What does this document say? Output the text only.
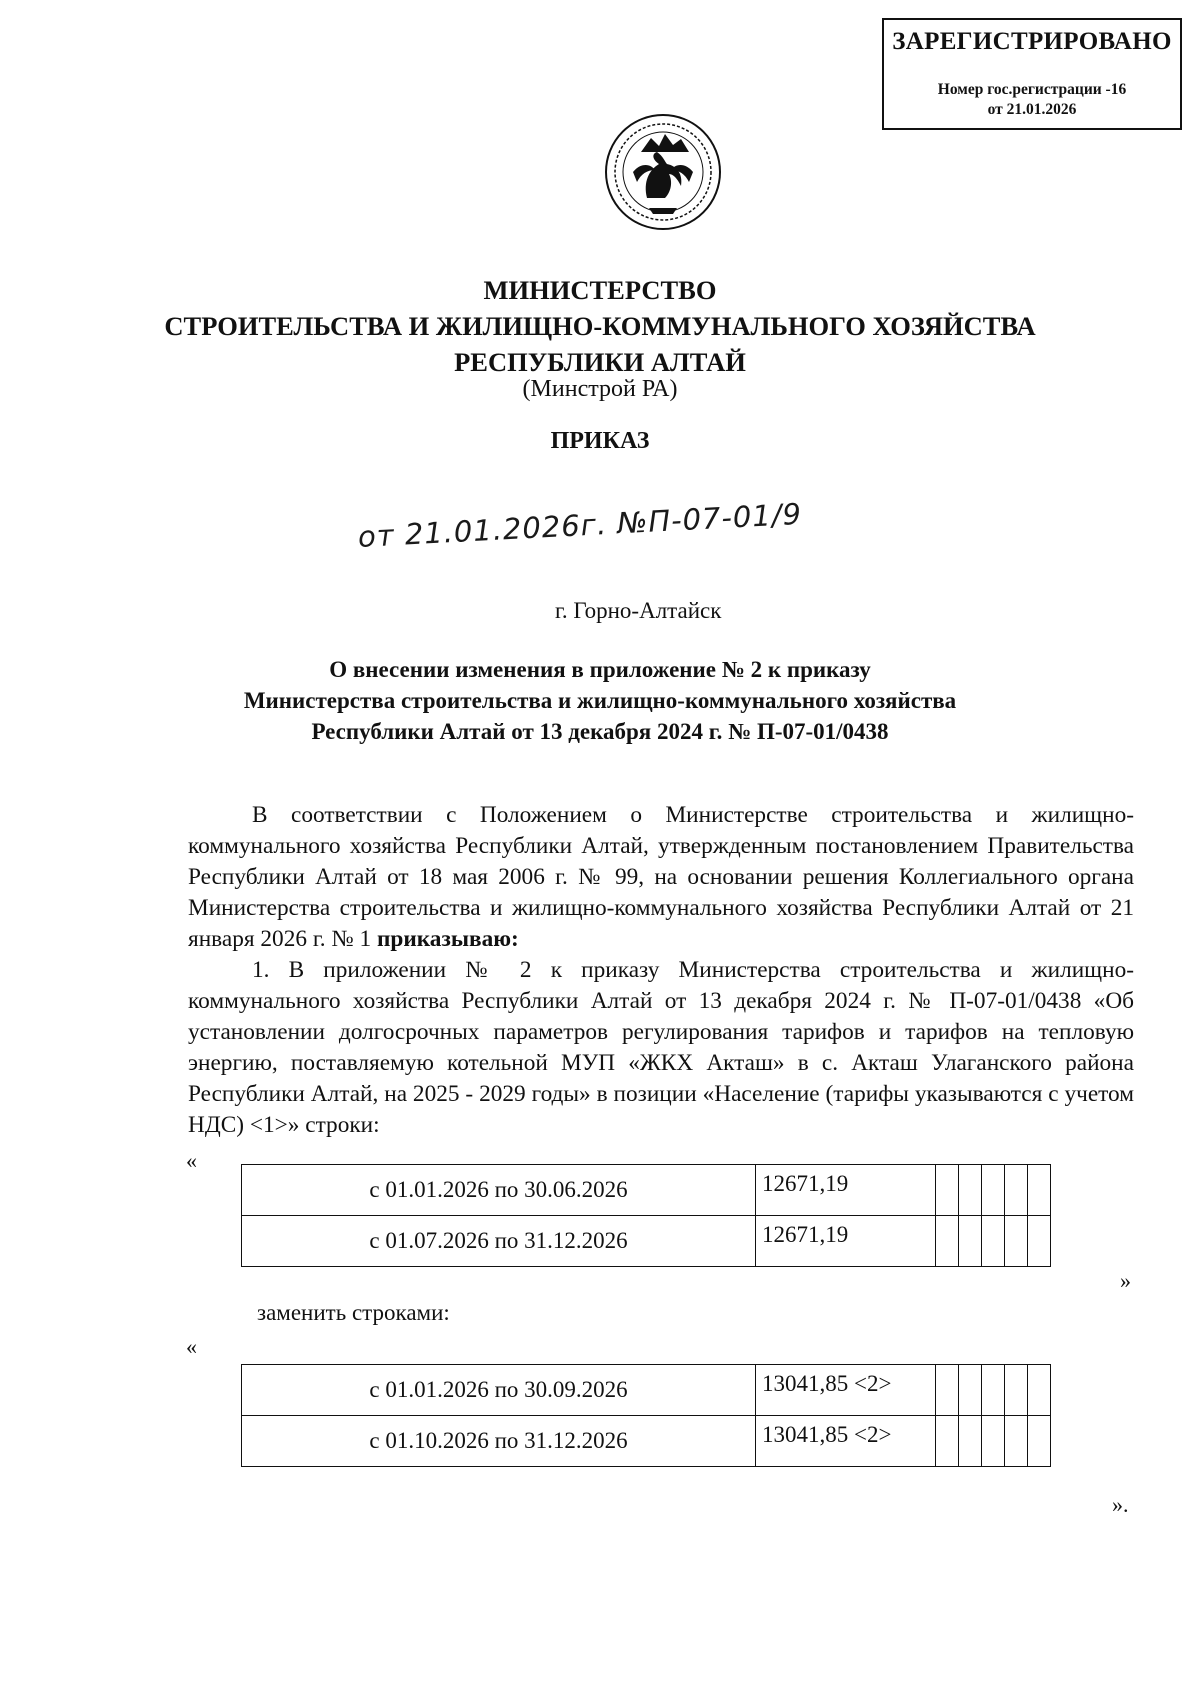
ЗАРЕГИСТРИРОВАНО
Номер гос.регистрации -16
от 21.01.2026
МИНИСТЕРСТВО
СТРОИТЕЛЬСТВА И ЖИЛИЩНО-КОММУНАЛЬНОГО ХОЗЯЙСТВА
РЕСПУБЛИКИ АЛТАЙ
(Минстрой РА)
ПРИКАЗ
от 21.01.2026г. №П-07-01/9
г. Горно-Алтайск
О внесении изменения в приложение № 2 к приказу
Министерства строительства и жилищно-коммунального хозяйства
Республики Алтай от 13 декабря 2024 г. № П-07-01/0438

В соответствии с Положением о Министерстве строительства и жилищно-коммунального хозяйства Республики Алтай, утвержденным постановлением Правительства Республики Алтай от 18 мая 2006 г. № 99, на основании решения Коллегиального органа Министерства строительства и жилищно-коммунального хозяйства Республики Алтай от 21 января 2026 г. № 1 приказываю:

1. В приложении № 2 к приказу Министерства строительства и жилищно-коммунального хозяйства Республики Алтай от 13 декабря 2024 г. № П-07-01/0438 «Об установлении долгосрочных параметров регулирования тарифов и тарифов на тепловую энергию, поставляемую котельной МУП «ЖКХ Акташ» в с. Акташ Улаганского района Республики Алтай, на 2025 - 2029 годы» в позиции «Население (тарифы указываются с учетом НДС) <1>» строки:

«
с 01.01.2026 по 30.06.2026	12671,19					
с 01.07.2026 по 31.12.2026	12671,19					
»
заменить строками:
«
с 01.01.2026 по 30.09.2026	13041,85 <2>					
с 01.10.2026 по 31.12.2026	13041,85 <2>					
».
